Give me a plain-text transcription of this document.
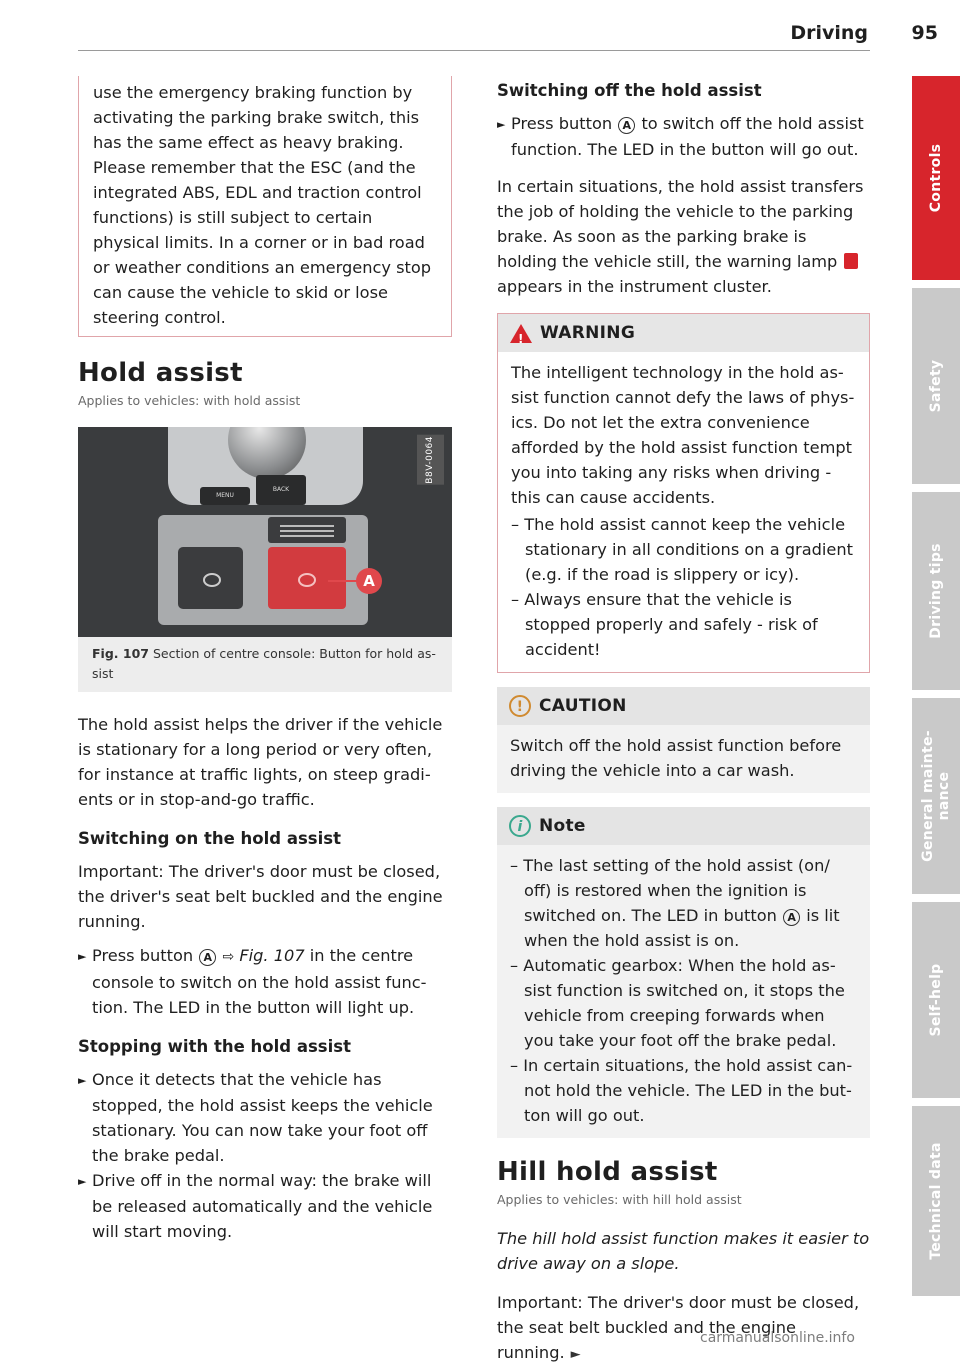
Driving 95

use the emergency braking function by activating the parking brake switch, this has the same effect as heavy braking. Please remember that the ESC (and the integrated ABS, EDL and traction control functions) is still subject to certain physical limits. In a corner or in bad road or weather conditions an emergency stop can cause the vehicle to skid or lose steering control.

Hold assist
Applies to vehicles: with hold assist
MENU
BACK
A
B8V-0064
Fig. 107 Section of centre console: Button for hold assist

The hold assist helps the driver if the vehicle is stationary for a long period or very often, for instance at traffic lights, on steep gradients or in stop-and-go traffic.

Switching on the hold assist

Important: The driver's door must be closed, the driver's seat belt buckled and the engine running.

► Press button A ⇨ Fig. 107 in the centre console to switch on the hold assist function. The LED in the button will light up.

Stopping with the hold assist

► Once it detects that the vehicle has stopped, the hold assist keeps the vehicle stationary. You can now take your foot off the brake pedal.

► Drive off in the normal way: the brake will be released automatically and the vehicle will start moving.

Switching off the hold assist

► Press button A to switch off the hold assist function. The LED in the button will go out.

In certain situations, the hold assist transfers the job of holding the vehicle to the parking brake. As soon as the parking brake is holding the vehicle still, the warning lamp  appears in the instrument cluster.

!
WARNING

The intelligent technology in the hold assist function cannot defy the laws of physics. Do not let the extra convenience afforded by the hold assist function tempt you into taking any risks when driving - this can cause accidents.

– The hold assist cannot keep the vehicle stationary in all conditions on a gradient (e.g. if the road is slippery or icy).

– Always ensure that the vehicle is stopped properly and safely - risk of accident!

! CAUTION

Switch off the hold assist function before driving the vehicle into a car wash.

i Note

– The last setting of the hold assist (on/ off) is restored when the ignition is switched on. The LED in button A is lit when the hold assist is on.

– Automatic gearbox: When the hold assist function is switched on, it stops the vehicle from creeping forwards when you take your foot off the brake pedal.

– In certain situations, the hold assist cannot hold the vehicle. The LED in the button will go out.

Hill hold assist
Applies to vehicles: with hill hold assist

The hill hold assist function makes it easier to drive away on a slope.

Important: The driver's door must be closed, the seat belt buckled and the engine running. ►

Controls
Safety
Driving tips
General mainte- nance
Self-help
Technical data
carmanualsonline.info
